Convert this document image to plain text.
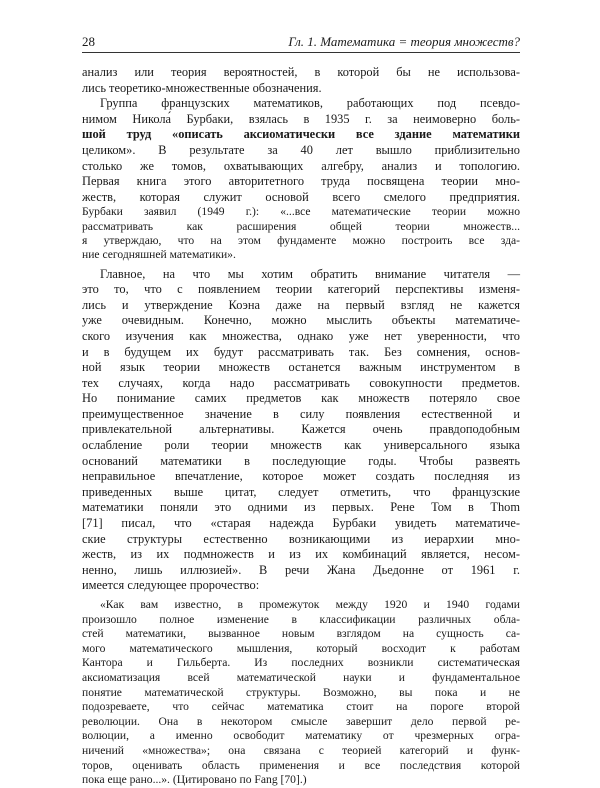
28	Гл. 1. Математика = теория множеств?
анализ или теория вероятностей, в которой бы не использова-
лись теоретико-множественные обозначения.
Группа французских математиков, работающих под псевдо-
нимом Никола́ Бурбаки, взялась в 1935 г. за неимоверно боль-
шой труд «описать аксиоматически все здание математики
целиком». В результате за 40 лет вышло приблизительно
столько же томов, охватывающих алгебру, анализ и топологию.
Первая книга этого авторитетного труда посвящена теории мно-
жеств, которая служит основой всего смелого предприятия.
Бурбаки заявил (1949 г.): «...все математические теории можно
рассматривать как расширения общей теории множеств...
я утверждаю, что на этом фундаменте можно построить все зда-
ние сегодняшней математики».
Главное, на что мы хотим обратить внимание читателя —
это то, что с появлением теории категорий перспективы изменя-
лись и утверждение Коэна даже на первый взгляд не кажется
уже очевидным. Конечно, можно мыслить объекты математиче-
ского изучения как множества, однако уже нет уверенности, что
и в будущем их будут рассматривать так. Без сомнения, основ-
ной язык теории множеств останется важным инструментом в
тех случаях, когда надо рассматривать совокупности предметов.
Но понимание самих предметов как множеств потеряло свое
преимущественное значение в силу появления естественной и
привлекательной альтернативы. Кажется очень правдоподобным
ослабление роли теории множеств как универсального языка
оснований математики в последующие годы. Чтобы развеять
неправильное впечатление, которое может создать последняя из
приведенных выше цитат, следует отметить, что французские
математики поняли это одними из первых. Рене Том в Thom
[71] писал, что «старая надежда Бурбаки увидеть математиче-
ские структуры естественно возникающими из иерархии мно-
жеств, из их подмножеств и из их комбинаций является, несом-
ненно, лишь иллюзией». В речи Жана Дьедонне от 1961 г.
имеется следующее пророчество:
«Как вам известно, в промежуток между 1920 и 1940 годами
произошло полное изменение в классификации различных обла-
стей математики, вызванное новым взглядом на сущность са-
мого математического мышления, который восходит к работам
Кантора и Гильберта. Из последних возникли систематическая
аксиоматизация всей математической науки и фундаментальное
понятие математической структуры. Возможно, вы пока и не
подозреваете, что сейчас математика стоит на пороге второй
революции. Она в некотором смысле завершит дело первой ре-
волюции, а именно освободит математику от чрезмерных огра-
ничений «множества»; она связана с теорией категорий и функ-
торов, оценивать область применения и все последствия которой
пока еще рано...». (Цитировано по Fang [70].)
